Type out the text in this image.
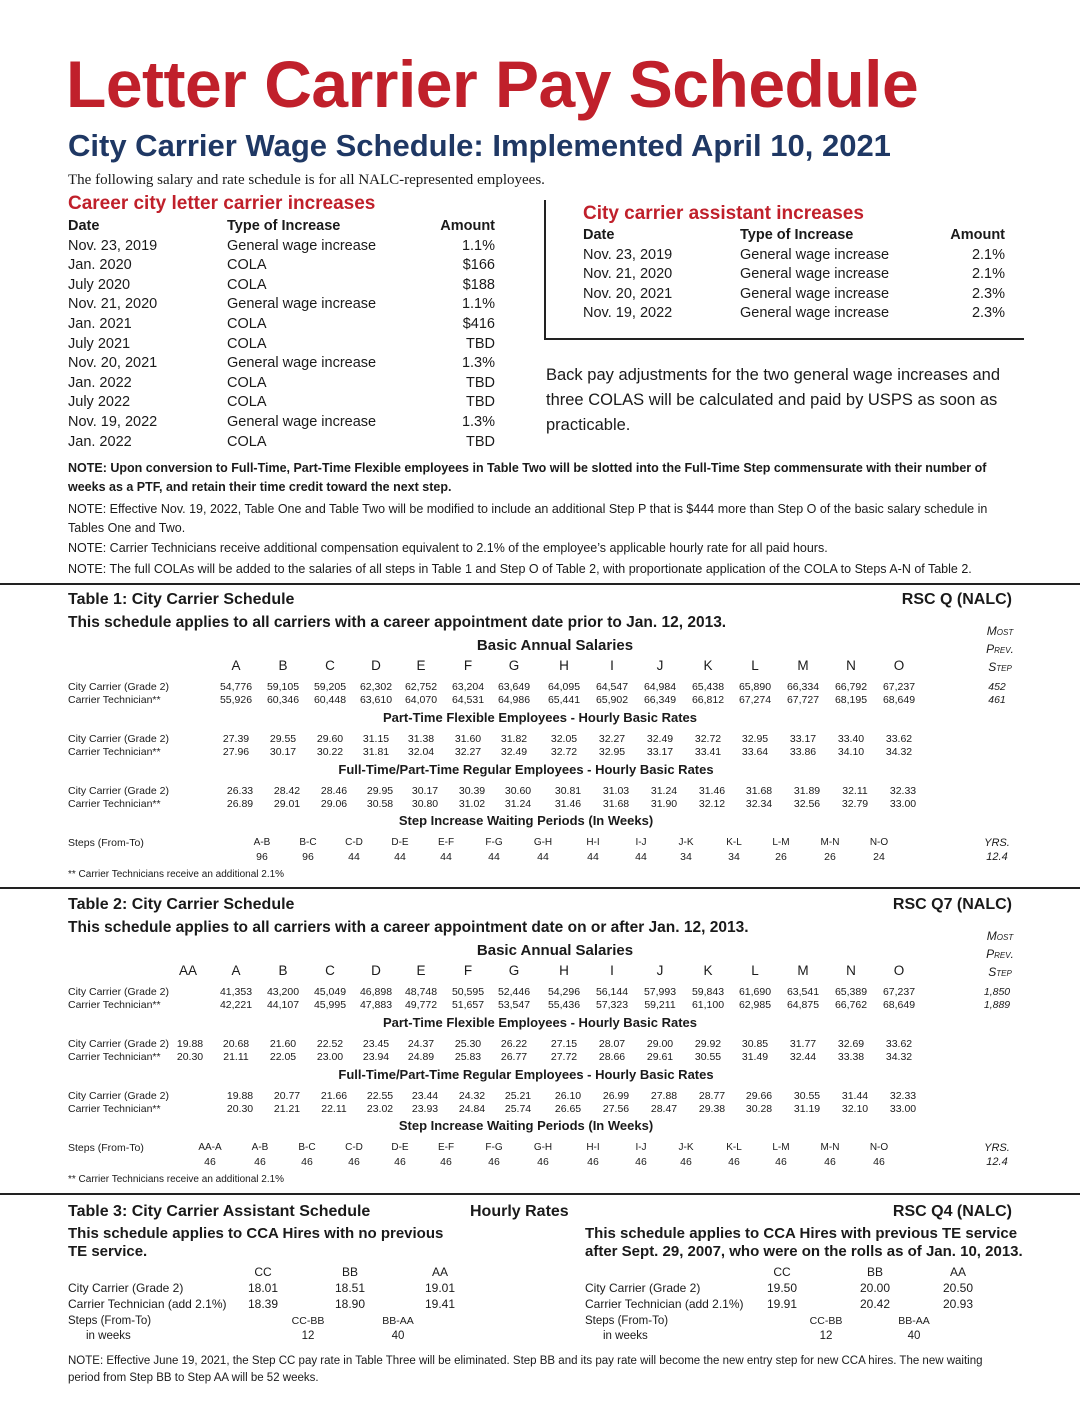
Letter Carrier Pay Schedule
City Carrier Wage Schedule: Implemented April 10, 2021
The following salary and rate schedule is for all NALC-represented employees.
Career city letter carrier increases
Date	Type of Increase	Amount
Nov. 23, 2019	General wage increase	1.1%
Jan. 2020	COLA	$166
July 2020	COLA	$188
Nov. 21, 2020	General wage increase	1.1%
Jan. 2021	COLA	$416
July 2021	COLA	TBD
Nov. 20, 2021	General wage increase	1.3%
Jan. 2022	COLA	TBD
July 2022	COLA	TBD
Nov. 19, 2022	General wage increase	1.3%
Jan. 2022	COLA	TBD
City carrier assistant increases
Date	Type of Increase	Amount
Nov. 23, 2019	General wage increase	2.1%
Nov. 21, 2020	General wage increase	2.1%
Nov. 20, 2021	General wage increase	2.3%
Nov. 19, 2022	General wage increase	2.3%
Back pay adjustments for the two general wage increases and three COLAS will be calculated and paid by USPS as soon as practicable.
NOTE: Upon conversion to Full-Time, Part-Time Flexible employees in Table Two will be slotted into the Full-Time Step commensurate with their number of weeks as a PTF, and retain their time credit toward the next step.
NOTE: Effective Nov. 19, 2022, Table One and Table Two will be modified to include an additional Step P that is $444 more than Step O of the basic salary schedule in Tables One and Two.
NOTE: Carrier Technicians receive additional compensation equivalent to 2.1% of the employee’s applicable hourly rate for all paid hours.
NOTE: The full COLAs will be added to the salaries of all steps in Table 1 and Step O of Table 2, with proportionate application of the COLA to Steps A-N of Table 2.
Table 1: City Carrier Schedule	RSC Q (NALC)
This schedule applies to all carriers with a career appointment date prior to Jan. 12, 2013.
Basic Annual Salaries
Most
Prev.
Step
A	B	C	D	E	F	G	H	I	J	K	L	M	N	O
City Carrier (Grade 2)	54,776	59,105	59,205	62,302	62,752	63,204	63,649	64,095	64,547	64,984	65,438	65,890	66,334	66,792	67,237	452
Carrier Technician**	55,926	60,346	60,448	63,610	64,070	64,531	64,986	65,441	65,902	66,349	66,812	67,274	67,727	68,195	68,649	461
Part-Time Flexible Employees - Hourly Basic Rates
City Carrier (Grade 2)	27.39	29.55	29.60	31.15	31.38	31.60	31.82	32.05	32.27	32.49	32.72	32.95	33.17	33.40	33.62
Carrier Technician**	27.96	30.17	30.22	31.81	32.04	32.27	32.49	32.72	32.95	33.17	33.41	33.64	33.86	34.10	34.32
Full-Time/Part-Time Regular Employees - Hourly Basic Rates
City Carrier (Grade 2)	26.33	28.42	28.46	29.95	30.17	30.39	30.60	30.81	31.03	31.24	31.46	31.68	31.89	32.11	32.33
Carrier Technician**	26.89	29.01	29.06	30.58	30.80	31.02	31.24	31.46	31.68	31.90	32.12	32.34	32.56	32.79	33.00
Step Increase Waiting Periods (In Weeks)
Steps (From-To)	A-B	B-C	C-D	D-E	E-F	F-G	G-H	H-I	I-J	J-K	K-L	L-M	M-N	N-O
96	96	44	44	44	44	44	44	44	34	34	26	26	24
YRS.
12.4
** Carrier Technicians receive an additional 2.1%
Table 2: City Carrier Schedule	RSC Q7 (NALC)
This schedule applies to all carriers with a career appointment date on or after Jan. 12, 2013.
Basic Annual Salaries
Most
Prev.
Step
AA	A	B	C	D	E	F	G	H	I	J	K	L	M	N	O
City Carrier (Grade 2)	41,353	43,200	45,049	46,898	48,748	50,595	52,446	54,296	56,144	57,993	59,843	61,690	63,541	65,389	67,237	1,850
Carrier Technician**	42,221	44,107	45,995	47,883	49,772	51,657	53,547	55,436	57,323	59,211	61,100	62,985	64,875	66,762	68,649	1,889
Part-Time Flexible Employees - Hourly Basic Rates
City Carrier (Grade 2) 19.88	20.68	21.60	22.52	23.45	24.37	25.30	26.22	27.15	28.07	29.00	29.92	30.85	31.77	32.69	33.62
Carrier Technician**	20.30	21.11	22.05	23.00	23.94	24.89	25.83	26.77	27.72	28.66	29.61	30.55	31.49	32.44	33.38	34.32
Full-Time/Part-Time Regular Employees - Hourly Basic Rates
City Carrier (Grade 2)	19.88	20.77	21.66	22.55	23.44	24.32	25.21	26.10	26.99	27.88	28.77	29.66	30.55	31.44	32.33
Carrier Technician**	20.30	21.21	22.11	23.02	23.93	24.84	25.74	26.65	27.56	28.47	29.38	30.28	31.19	32.10	33.00
Step Increase Waiting Periods (In Weeks)
Steps (From-To)	AA-A	A-B	B-C	C-D	D-E	E-F	F-G	G-H	H-I	I-J	J-K	K-L	L-M	M-N	N-O
46	46	46	46	46	46	46	46	46	46	46	46	46	46	46
YRS.
12.4
** Carrier Technicians receive an additional 2.1%
Table 3: City Carrier Assistant Schedule	Hourly Rates	RSC Q4 (NALC)
This schedule applies to CCA Hires with no previous
TE service.
CC	BB	AA
City Carrier (Grade 2)	18.01	18.51	19.01
Carrier Technician (add 2.1%)	18.39	18.90	19.41
Steps (From-To)
in weeks
CC-BB	BB-AA
12	40
This schedule applies to CCA Hires with previous TE service
after Sept. 29, 2007, who were on the rolls as of Jan. 10, 2013.
CC	BB	AA
City Carrier (Grade 2)	19.50	20.00	20.50
Carrier Technician (add 2.1%)	19.91	20.42	20.93
Steps (From-To)
in weeks
CC-BB	BB-AA
12	40
NOTE: Effective June 19, 2021, the Step CC pay rate in Table Three will be eliminated. Step BB and its pay rate will become the new entry step for new CCA hires. The new waiting period from Step BB to Step AA will be 52 weeks.
